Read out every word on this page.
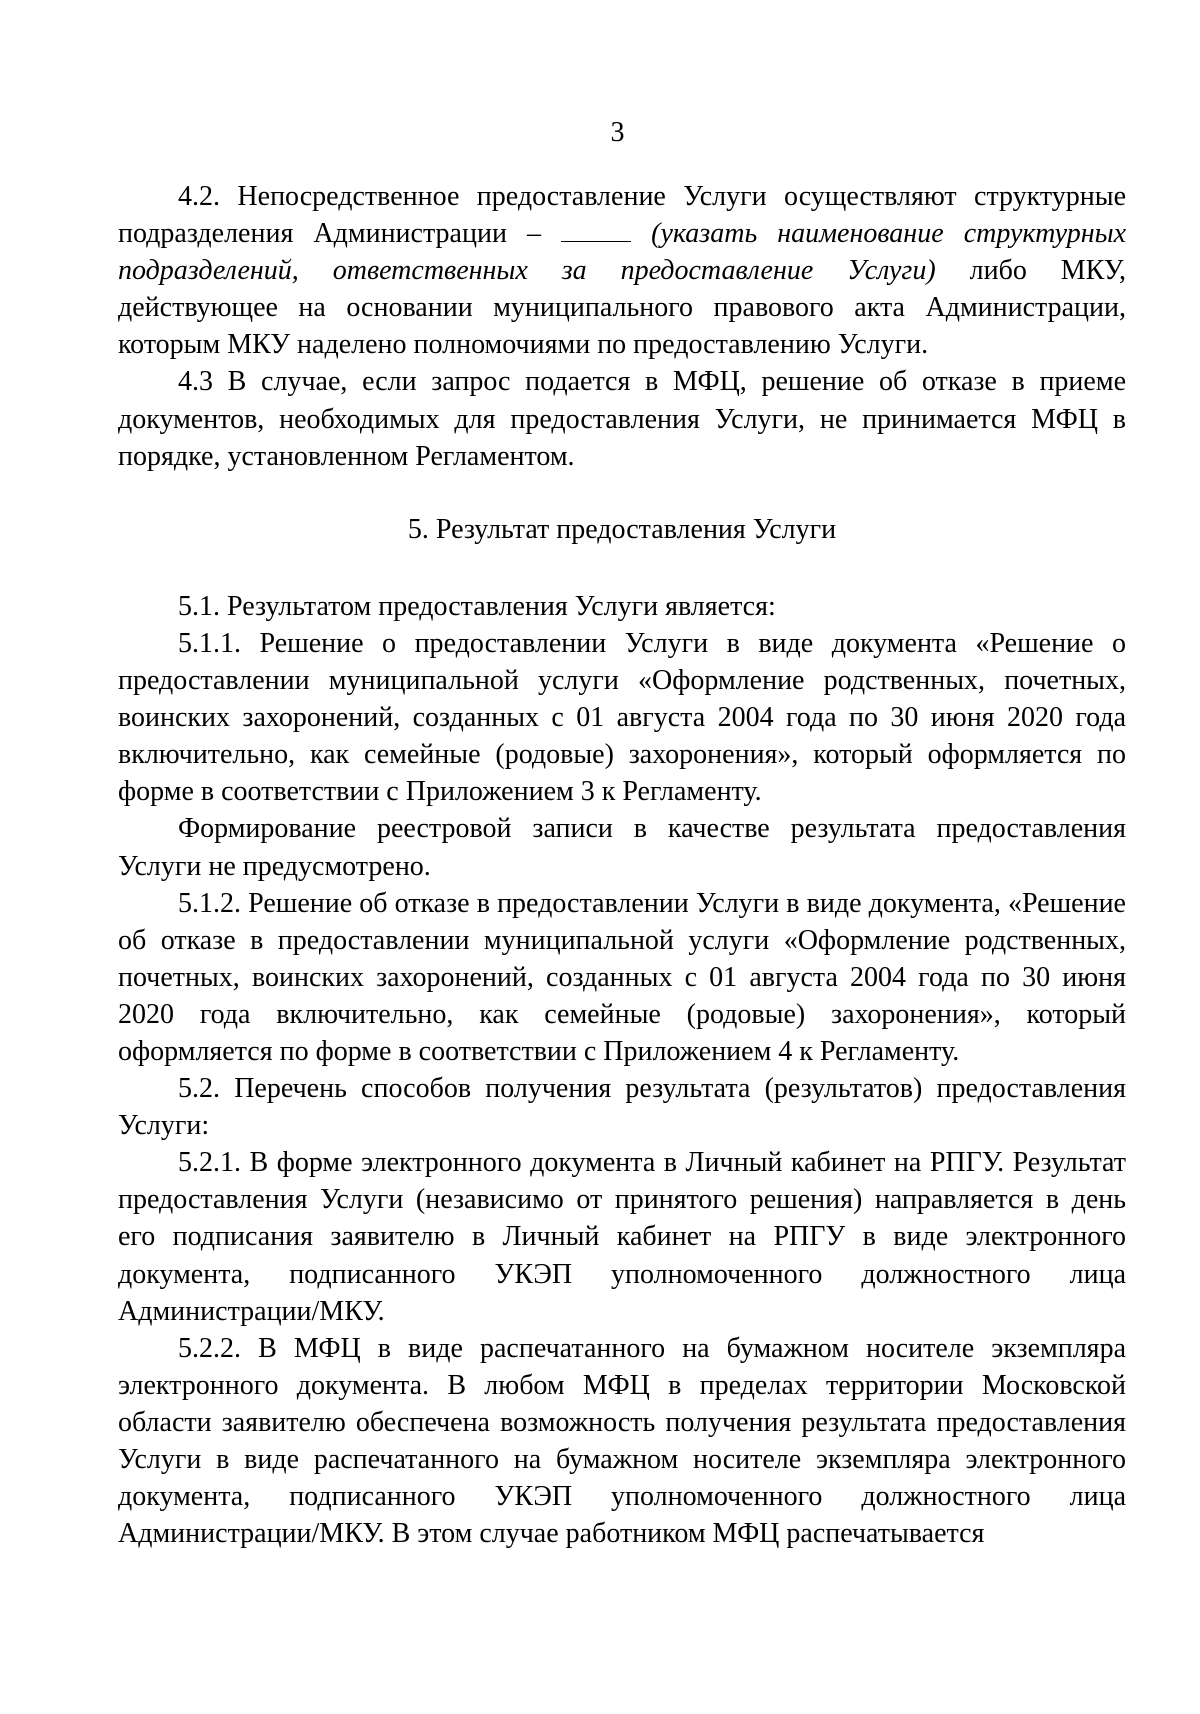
3

4.2. Непосредственное предоставление Услуги осуществляют структурные подразделения Администрации –	(указать наименование структурных подразделений, ответственных за предоставление Услуги) либо МКУ, действующее на основании муниципального правового акта Администрации, которым МКУ наделено полномочиями по предоставлению Услуги.

4.3 В случае, если запрос подается в МФЦ, решение об отказе в приеме документов, необходимых для предоставления Услуги, не принимается МФЦ в порядке, установленном Регламентом.

5. Результат предоставления Услуги

5.1. Результатом предоставления Услуги является:

5.1.1. Решение о предоставлении Услуги в виде документа «Решение о предоставлении муниципальной услуги «Оформление родственных, почетных, воинских захоронений, созданных с 01 августа 2004 года по 30 июня 2020 года включительно, как семейные (родовые) захоронения», который оформляется по форме в соответствии с Приложением 3 к Регламенту.

Формирование реестровой записи в качестве результата предоставления Услуги не предусмотрено.

5.1.2. Решение об отказе в предоставлении Услуги в виде документа, «Решение об отказе в предоставлении муниципальной услуги «Оформление родственных, почетных, воинских захоронений, созданных с 01 августа 2004 года по 30 июня 2020 года включительно, как семейные (родовые) захоронения», который оформляется по форме в соответствии с Приложением 4 к Регламенту.

5.2. Перечень способов получения результата (результатов) предоставления Услуги:

5.2.1. В форме электронного документа в Личный кабинет на РПГУ. Результат предоставления Услуги (независимо от принятого решения) направляется в день его подписания заявителю в Личный кабинет на РПГУ в виде электронного документа, подписанного УКЭП уполномоченного должностного лица Администрации/МКУ.

5.2.2. В МФЦ в виде распечатанного на бумажном носителе экземпляра электронного документа. В любом МФЦ в пределах территории Московской области заявителю обеспечена возможность получения результата предоставления Услуги в виде распечатанного на бумажном носителе экземпляра электронного документа, подписанного УКЭП уполномоченного должностного лица Администрации/МКУ. В этом случае работником МФЦ распечатывается
